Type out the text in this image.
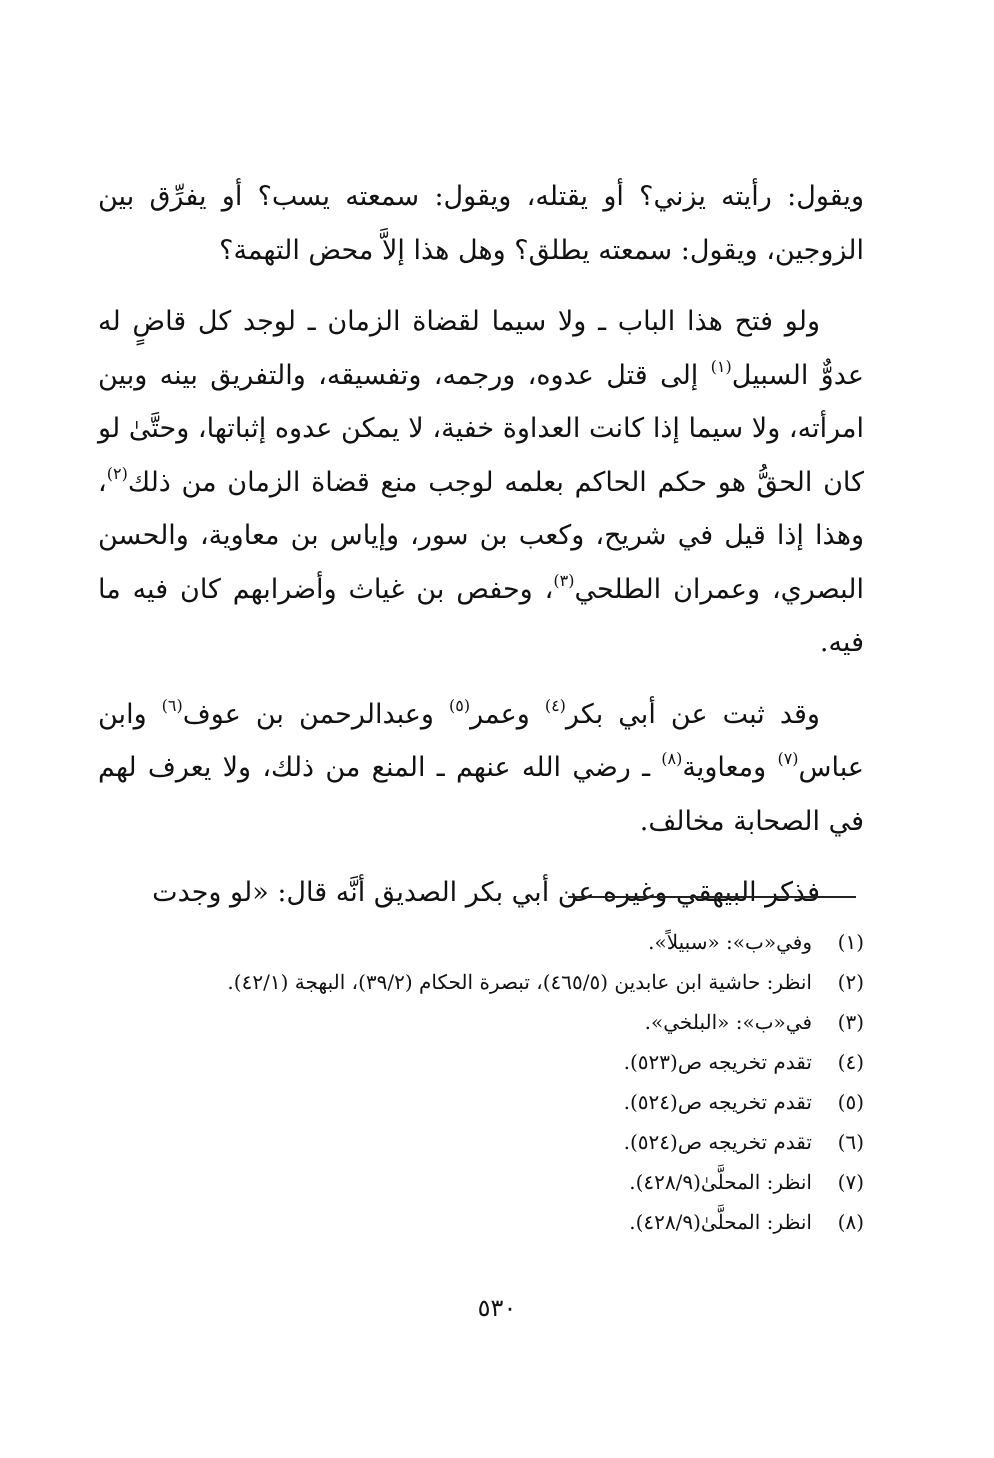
ويقول: رأيته يزني؟ أو يقتله، ويقول: سمعته يسب؟ أو يفرِّق بين الزوجين، ويقول: سمعته يطلق؟ وهل هذا إلاَّ محض التهمة؟

ولو فتح هذا الباب ـ ولا سيما لقضاة الزمان ـ لوجد كل قاضٍ له عدوٌّ السبيل$^{(١)}$ إلى قتل عدوه، ورجمه، وتفسيقه، والتفريق بينه وبين امرأته، ولا سيما إذا كانت العداوة خفية، لا يمكن عدوه إثباتها، وحتَّىٰ لو كان الحقُّ هو حكم الحاكم بعلمه لوجب منع قضاة الزمان من ذلك$^{(٢)}$، وهذا إذا قيل في شريح، وكعب بن سور، وإياس بن معاوية، والحسن البصري، وعمران الطلحي$^{(٣)}$، وحفص بن غياث وأضرابهم كان فيه ما فيه.

وقد ثبت عن أبي بكر$^{(٤)}$ وعمر$^{(٥)}$ وعبدالرحمن بن عوف$^{(٦)}$ وابن عباس$^{(٧)}$ ومعاوية$^{(٨)}$ ـ رضي الله عنهم ـ المنع من ذلك، ولا يعرف لهم في الصحابة مخالف.

فذكر البيهقي وغيره عن أبي بكر الصديق أنَّه قال: «لو وجدت

(١)
وفي«ب»: «سبيلاً».
(٢)
انظر: حاشية ابن عابدين (٤٦٥/٥)، تبصرة الحكام (٣٩/٢)، البهجة (٤٢/١).
(٣)
في«ب»: «البلخي».
(٤)
تقدم تخريجه ص(٥٢٣).
(٥)
تقدم تخريجه ص(٥٢٤).
(٦)
تقدم تخريجه ص(٥٢٤).
(٧)
انظر: المحلَّىٰ(٤٢٨/٩).
(٨)
انظر: المحلَّىٰ(٤٢٨/٩).
٥٣٠
